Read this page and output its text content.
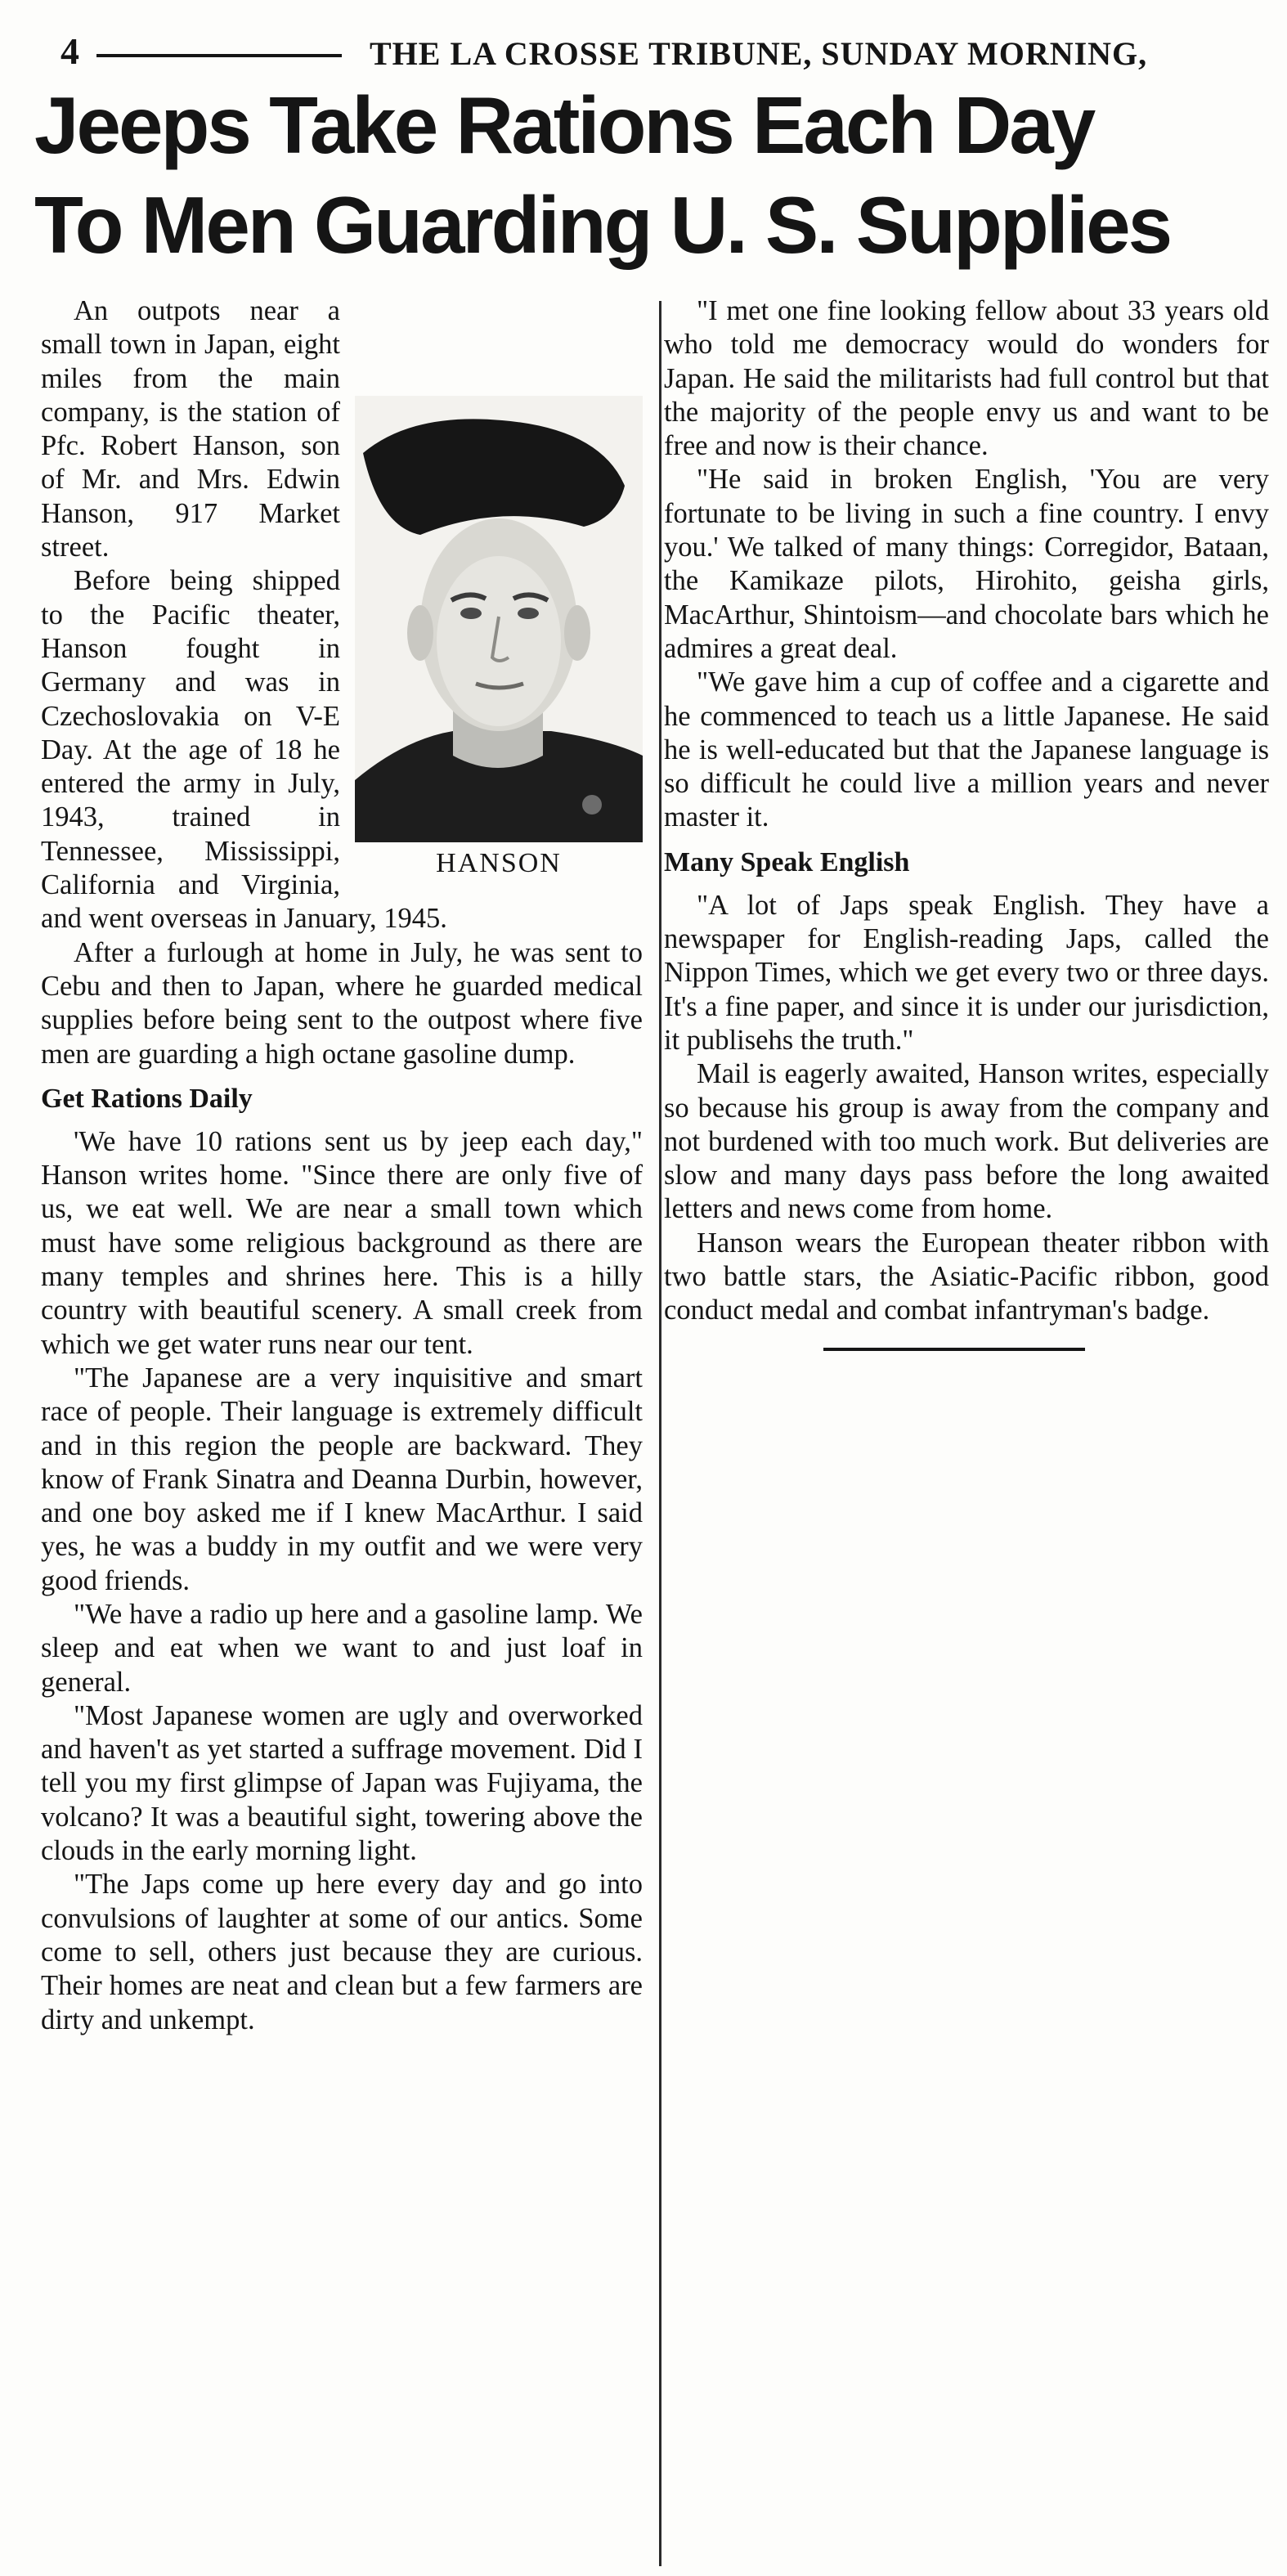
4	THE LA CROSSE TRIBUNE, SUNDAY MORNING,
Jeeps Take Rations Each Day
To Men Guarding U. S. Supplies
HANSON

An outpots near a small town in Japan, eight miles from the main company, is the station of Pfc. Robert Hanson, son of Mr. and Mrs. Edwin Hanson, 917 Market street.

Before being shipped to the Pacific theater, Hanson fought in Germany and was in Czechoslovakia on V-E Day. At the age of 18 he entered the army in July, 1943, trained in Tennessee, Mississippi, California and Virginia, and went overseas in January, 1945.

After a furlough at home in July, he was sent to Cebu and then to Japan, where he guarded medical supplies before being sent to the outpost where five men are guarding a high octane gasoline dump.

Get Rations Daily

'We have 10 rations sent us by jeep each day," Hanson writes home. "Since there are only five of us, we eat well. We are near a small town which must have some religious background as there are many temples and shrines here. This is a hilly country with beautiful scenery. A small creek from which we get water runs near our tent.

"The Japanese are a very inquisitive and smart race of people. Their language is extremely difficult and in this region the people are backward. They know of Frank Sinatra and Deanna Durbin, however, and one boy asked me if I knew MacArthur. I said yes, he was a buddy in my outfit and we were very good friends.

"We have a radio up here and a gasoline lamp. We sleep and eat when we want to and just loaf in general.

"Most Japanese women are ugly and overworked and haven't as yet started a suffrage movement. Did I tell you my first glimpse of Japan was Fujiyama, the volcano? It was a beautiful sight, towering above the clouds in the early morning light.

"The Japs come up here every day and go into convulsions of laughter at some of our antics. Some come to sell, others just because they are curious. Their homes are neat and clean but a few farmers are dirty and unkempt.

"I met one fine looking fellow about 33 years old who told me democracy would do wonders for Japan. He said the militarists had full control but that the majority of the people envy us and want to be free and now is their chance.

"He said in broken English, 'You are very fortunate to be living in such a fine country. I envy you.' We talked of many things: Corregidor, Bataan, the Kamikaze pilots, Hirohito, geisha girls, MacArthur, Shintoism—and chocolate bars which he admires a great deal.

"We gave him a cup of coffee and a cigarette and he commenced to teach us a little Japanese. He said he is well-educated but that the Japanese language is so difficult he could live a million years and never master it.

Many Speak English

"A lot of Japs speak English. They have a newspaper for English-reading Japs, called the Nippon Times, which we get every two or three days. It's a fine paper, and since it is under our jurisdiction, it publisehs the truth."

Mail is eagerly awaited, Hanson writes, especially so because his group is away from the company and not burdened with too much work. But deliveries are slow and many days pass before the long awaited letters and news come from home.

Hanson wears the European theater ribbon with two battle stars, the Asiatic-Pacific ribbon, good conduct medal and combat infantryman's badge.
